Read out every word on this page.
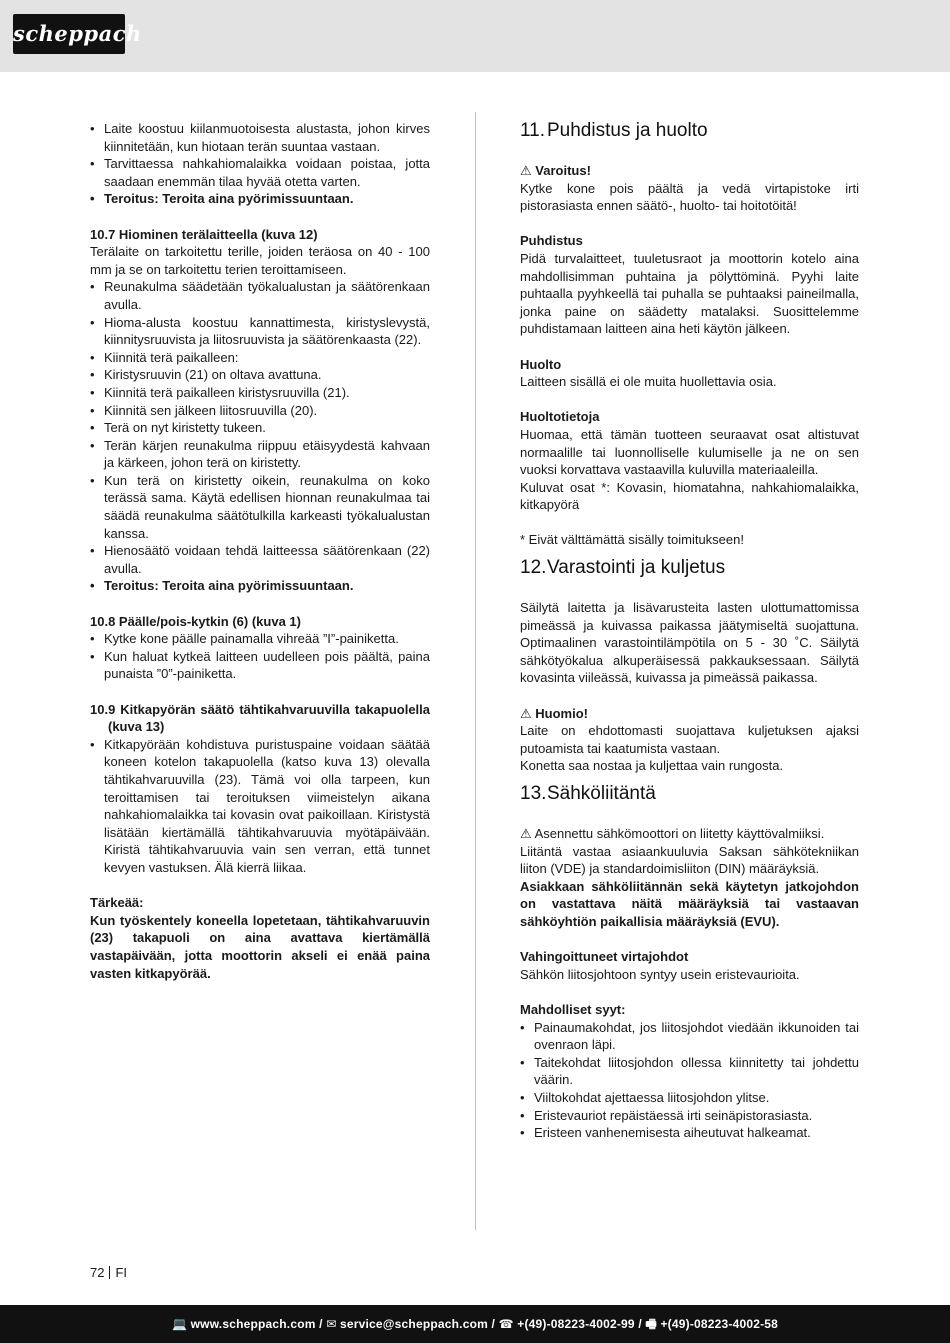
scheppach
• Laite koostuu kiilanmuotoisesta alustasta, johon kirves kiinnitetään, kun hiotaan terän suuntaa vastaan.
• Tarvittaessa nahkahiomalaikka voidaan poistaa, jotta saadaan enemmän tilaa hyvää otetta varten.
• Teroitus: Teroita aina pyörimissuuntaan.

10.7 Hiominen terälaitteella (kuva 12)

Terälaite on tarkoitettu terille, joiden teräosa on 40 - 100 mm ja se on tarkoitettu terien teroittamiseen.

• Reunakulma säädetään työkalualustan ja säätörenkaan avulla.
• Hioma-alusta koostuu kannattimesta, kiristyslevystä, kiinnitysruuvista ja liitosruuvista ja säätörenkaasta (22).
• Kiinnitä terä paikalleen:
• Kiristysruuvin (21) on oltava avattuna.
• Kiinnitä terä paikalleen kiristysruuvilla (21).
• Kiinnitä sen jälkeen liitosruuvilla (20).
• Terä on nyt kiristetty tukeen.
• Terän kärjen reunakulma riippuu etäisyydestä kahvaan ja kärkeen, johon terä on kiristetty.
• Kun terä on kiristetty oikein, reunakulma on koko terässä sama. Käytä edellisen hionnan reunakulmaa tai säädä reunakulma säätötulkilla karkeasti työkalualustan kanssa.
• Hienosäätö voidaan tehdä laitteessa säätörenkaan (22) avulla.
• Teroitus: Teroita aina pyörimissuuntaan.

10.8 Päälle/pois-kytkin (6) (kuva 1)

• Kytke kone päälle painamalla vihreää ”I”-painiketta.
• Kun haluat kytkeä laitteen uudelleen pois päältä, paina punaista ”0”-painiketta.

10.9 Kitkapyörän säätö tähtikahvaruuvilla takapuolella (kuva 13)

• Kitkapyörään kohdistuva puristuspaine voidaan säätää koneen kotelon takapuolella (katso kuva 13) olevalla tähtikahvaruuvilla (23). Tämä voi olla tarpeen, kun teroittamisen tai teroituksen viimeistelyn aikana nahkahiomalaikka tai kovasin ovat paikoillaan. Kiristystä lisätään kiertämällä tähtikahvaruuvia myötäpäivään. Kiristä tähtikahvaruuvia vain sen verran, että tunnet kevyen vastuksen. Älä kierrä liikaa.

Tärkeää:

Kun työskentely koneella lopetetaan, tähtikahvaruuvin (23) takapuoli on aina avattava kiertämällä vastapäivään, jotta moottorin akseli ei enää paina vasten kitkapyörää.

11. Puhdistus ja huolto

⚠ Varoitus!

Kytke kone pois päältä ja vedä virtapistoke irti pistorasiasta ennen säätö-, huolto- tai hoitotöitä!

Puhdistus

Pidä turvalaitteet, tuuletusraot ja moottorin kotelo aina mahdollisimman puhtaina ja pölyttöminä. Pyyhi laite puhtaalla pyyhkeellä tai puhalla se puhtaaksi paineilmalla, jonka paine on säädetty matalaksi. Suosittelemme puhdistamaan laitteen aina heti käytön jälkeen.

Huolto

Laitteen sisällä ei ole muita huollettavia osia.

Huoltotietoja

Huomaa, että tämän tuotteen seuraavat osat altistuvat normaalille tai luonnolliselle kulumiselle ja ne on sen vuoksi korvattava vastaavilla kuluvilla materiaaleilla.

Kuluvat osat *: Kovasin, hiomatahna, nahkahiomalaikka, kitkapyörä

* Eivät välttämättä sisälly toimitukseen!

12.Varastointi ja kuljetus

Säilytä laitetta ja lisävarusteita lasten ulottumattomissa pimeässä ja kuivassa paikassa jäätymiseltä suojattuna. Optimaalinen varastointilämpötila on 5 - 30 ˚C. Säilytä sähkötyökalua alkuperäisessä pakkauksessaan. Säilytä kovasinta viileässä, kuivassa ja pimeässä paikassa.

⚠ Huomio!

Laite on ehdottomasti suojattava kuljetuksen ajaksi putoamista tai kaatumista vastaan.

Konetta saa nostaa ja kuljettaa vain rungosta.

13.Sähköliitäntä

⚠ Asennettu sähkömoottori on liitetty käyttövalmiiksi.

Liitäntä vastaa asiaankuuluvia Saksan sähkötekniikan liiton (VDE) ja standardoimisliiton (DIN) määräyksiä.

Asiakkaan sähköliitännän sekä käytetyn jatkojohdon on vastattava näitä määräyksiä tai vastaavan sähköyhtiön paikallisia määräyksiä (EVU).

Vahingoittuneet virtajohdot

Sähkön liitosjohtoon syntyy usein eristevaurioita.

Mahdolliset syyt:

• Painaumakohdat, jos liitosjohdot viedään ikkunoiden tai ovenraon läpi.
• Taitekohdat liitosjohdon ollessa kiinnitetty tai johdettu väärin.
• Viiltokohdat ajettaessa liitosjohdon ylitse.
• Eristevauriot repäistäessä irti seinäpistorasiasta.
• Eristeen vanhenemisesta aiheutuvat halkeamat.
72 FI
💻 www.scheppach.com / ✉ service@scheppach.com / ☎ +(49)-08223-4002-99 / 🖷 +(49)-08223-4002-58
